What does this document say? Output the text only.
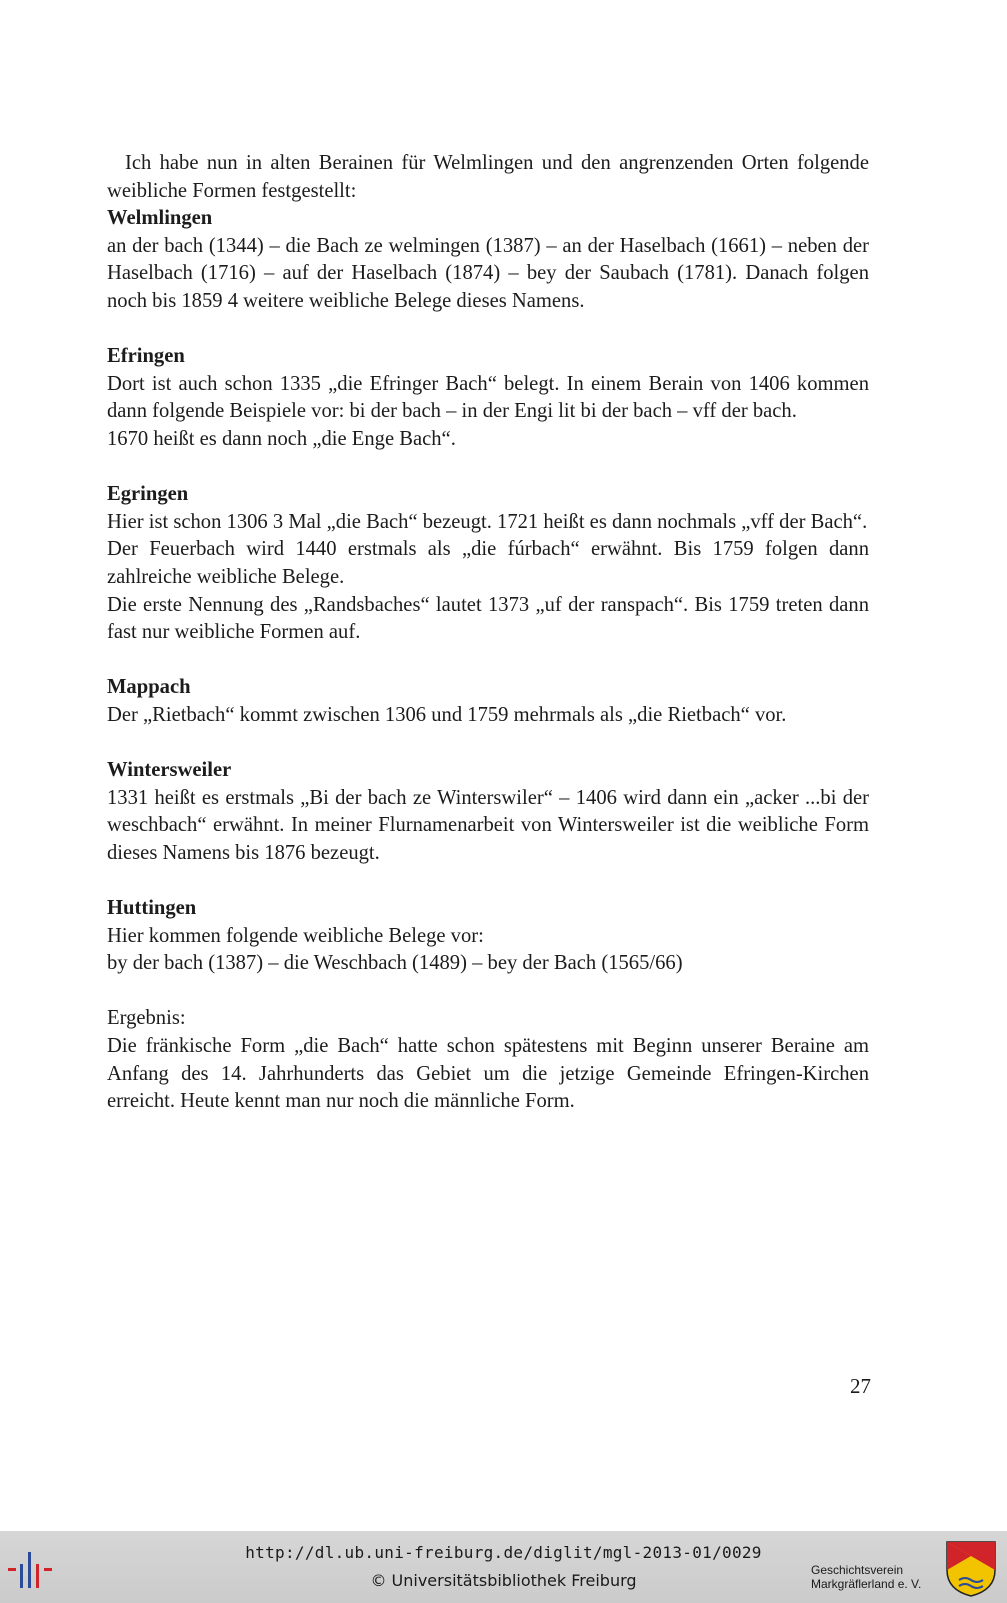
Ich habe nun in alten Berainen für Welmlingen und den angrenzenden Orten folgende weibliche Formen festgestellt:

Welmlingen

an der bach (1344) – die Bach ze welmingen (1387) – an der Haselbach (1661) – neben der Haselbach (1716) – auf der Haselbach (1874) – bey der Saubach (1781). Danach folgen noch bis 1859 4 weitere weibliche Belege dieses Namens.

Efringen

Dort ist auch schon 1335 „die Efringer Bach“ belegt. In einem Berain von 1406 kommen dann folgende Beispiele vor: bi der bach – in der Engi lit bi der bach – vff der bach.

1670 heißt es dann noch „die Enge Bach“.

Egringen

Hier ist schon 1306 3 Mal „die Bach“ bezeugt. 1721 heißt es dann nochmals „vff der Bach“.

Der Feuerbach wird 1440 erstmals als „die fúrbach“ erwähnt. Bis 1759 folgen dann zahlreiche weibliche Belege.

Die erste Nennung des „Randsbaches“ lautet 1373 „uf der ranspach“. Bis 1759 treten dann fast nur weibliche Formen auf.

Mappach

Der „Rietbach“ kommt zwischen 1306 und 1759 mehrmals als „die Rietbach“ vor.

Wintersweiler

1331 heißt es erstmals „Bi der bach ze Winterswiler“ – 1406 wird dann ein „acker ...bi der weschbach“ erwähnt. In meiner Flurnamenarbeit von Wintersweiler ist die weibliche Form dieses Namens bis 1876 bezeugt.

Huttingen

Hier kommen folgende weibliche Belege vor:

by der bach (1387) – die Weschbach (1489) – bey der Bach (1565/66)

Ergebnis:

Die fränkische Form „die Bach“ hatte schon spätestens mit Beginn unserer Beraine am Anfang des 14. Jahrhunderts das Gebiet um die jetzige Gemeinde Efringen-Kirchen erreicht. Heute kennt man nur noch die männliche Form.

27
http://dl.ub.uni-freiburg.de/diglit/mgl-2013-01/0029
© Universitätsbibliothek Freiburg
Geschichtsverein
Markgräflerland e. V.
